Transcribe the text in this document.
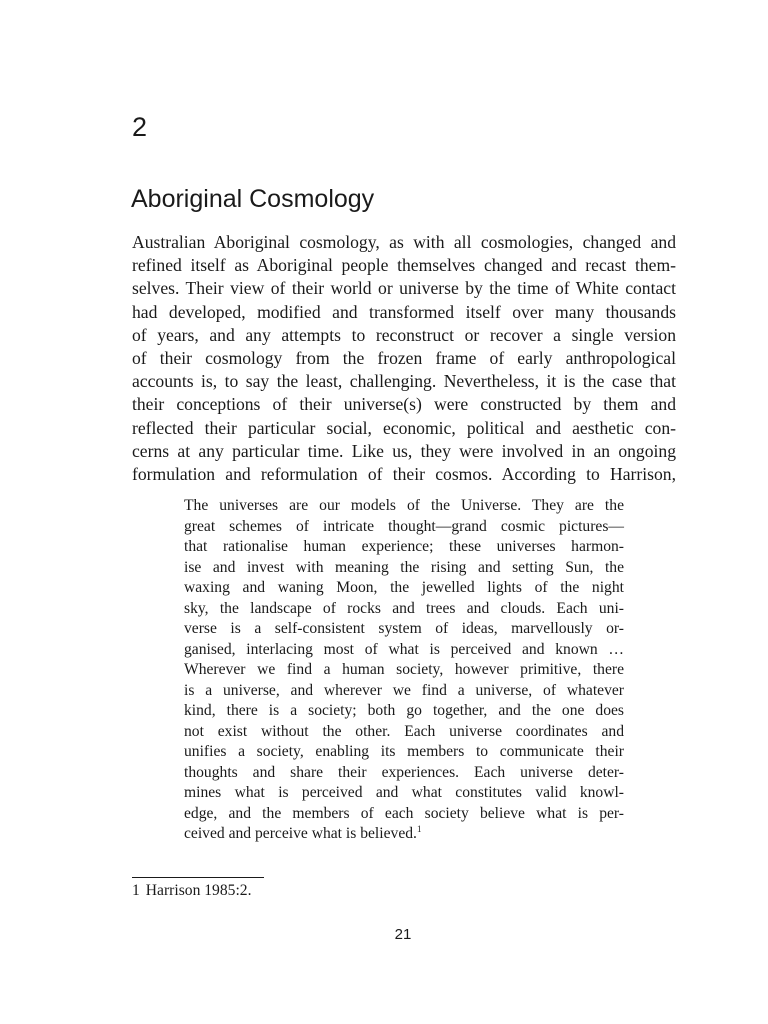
2
Aboriginal Cosmology
Australian Aboriginal cosmology, as with all cosmologies, changed and
refined itself as Aboriginal people themselves changed and recast them-
selves. Their view of their world or universe by the time of White contact
had developed, modified and transformed itself over many thousands
of years, and any attempts to reconstruct or recover a single version
of their cosmology from the frozen frame of early anthropological
accounts is, to say the least, challenging. Nevertheless, it is the case that
their conceptions of their universe(s) were constructed by them and
reflected their particular social, economic, political and aesthetic con-
cerns at any particular time. Like us, they were involved in an ongoing
formulation and reformulation of their cosmos. According to Harrison,
The universes are our models of the Universe. They are the
great schemes of intricate thought—grand cosmic pictures—
that rationalise human experience; these universes harmon-
ise and invest with meaning the rising and setting Sun, the
waxing and waning Moon, the jewelled lights of the night
sky, the landscape of rocks and trees and clouds. Each uni-
verse is a self-consistent system of ideas, marvellously or-
ganised, interlacing most of what is perceived and known …
Wherever we find a human society, however primitive, there
is a universe, and wherever we find a universe, of whatever
kind, there is a society; both go together, and the one does
not exist without the other. Each universe coordinates and
unifies a society, enabling its members to communicate their
thoughts and share their experiences. Each universe deter-
mines what is perceived and what constitutes valid knowl-
edge, and the members of each society believe what is per-
ceived and perceive what is believed.$^1$
1 Harrison 1985:2.
21
